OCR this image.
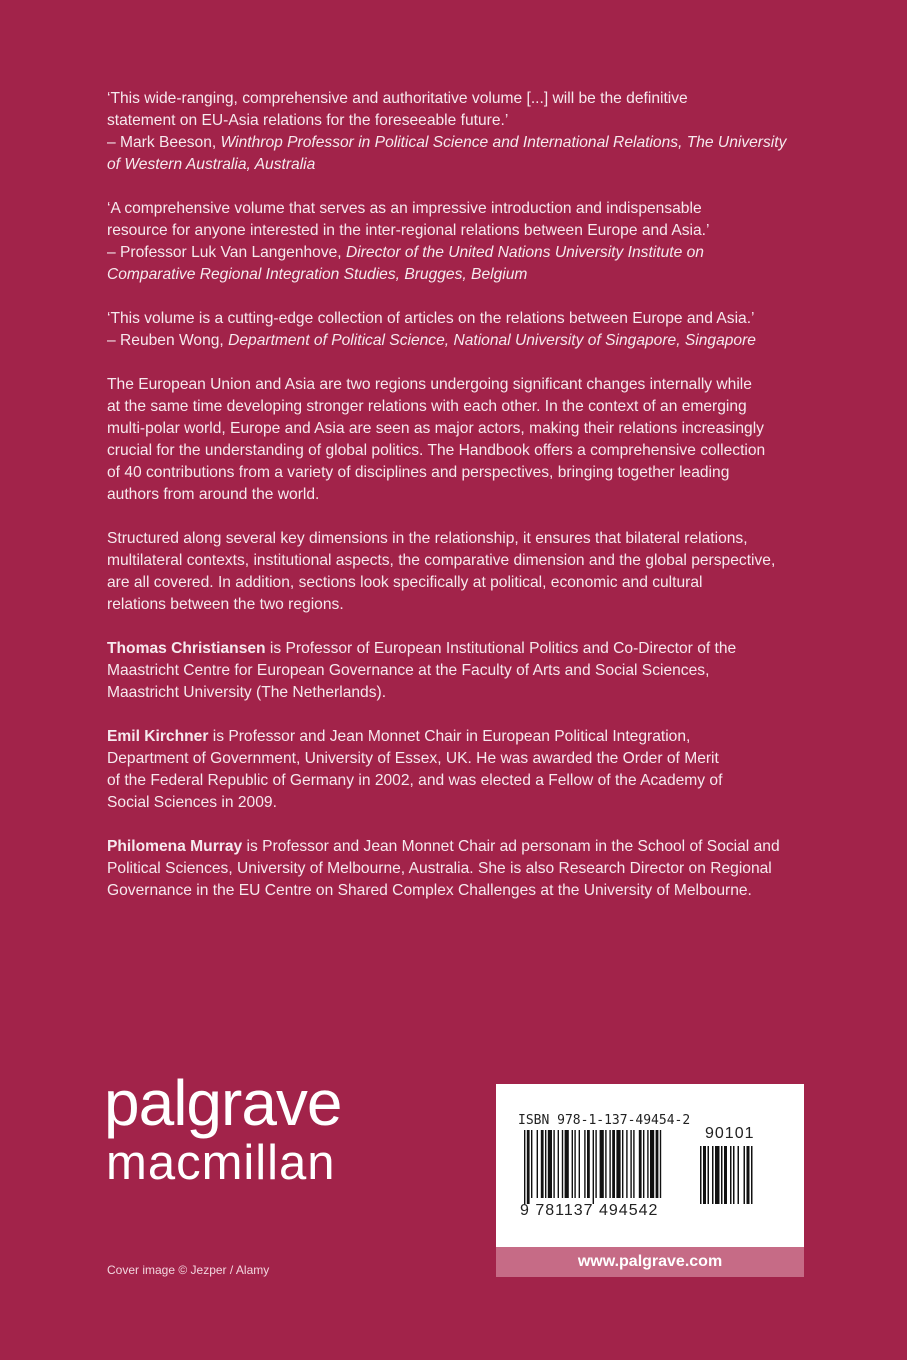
‘This wide-ranging, comprehensive and authoritative volume [...] will be the definitive
statement on EU-Asia relations for the foreseeable future.’
– Mark Beeson, Winthrop Professor in Political Science and International Relations, The University
of Western Australia, Australia
‘A comprehensive volume that serves as an impressive introduction and indispensable
resource for anyone interested in the inter-regional relations between Europe and Asia.’
– Professor Luk Van Langenhove, Director of the United Nations University Institute on
Comparative Regional Integration Studies, Brugges, Belgium
‘This volume is a cutting-edge collection of articles on the relations between Europe and Asia.’
– Reuben Wong, Department of Political Science, National University of Singapore, Singapore
The European Union and Asia are two regions undergoing significant changes internally while
at the same time developing stronger relations with each other. In the context of an emerging
multi-polar world, Europe and Asia are seen as major actors, making their relations increasingly
crucial for the understanding of global politics. The Handbook offers a comprehensive collection
of 40 contributions from a variety of disciplines and perspectives, bringing together leading
authors from around the world.
Structured along several key dimensions in the relationship, it ensures that bilateral relations,
multilateral contexts, institutional aspects, the comparative dimension and the global perspective,
are all covered. In addition, sections look specifically at political, economic and cultural
relations between the two regions.
Thomas Christiansen is Professor of European Institutional Politics and Co-Director of the
Maastricht Centre for European Governance at the Faculty of Arts and Social Sciences,
Maastricht University (The Netherlands).
Emil Kirchner is Professor and Jean Monnet Chair in European Political Integration,
Department of Government, University of Essex, UK. He was awarded the Order of Merit
of the Federal Republic of Germany in 2002, and was elected a Fellow of the Academy of
Social Sciences in 2009.
Philomena Murray is Professor and Jean Monnet Chair ad personam in the School of Social and
Political Sciences, University of Melbourne, Australia. She is also Research Director on Regional
Governance in the EU Centre on Shared Complex Challenges at the University of Melbourne.
palgrave
macmillan
Cover image © Jezper / Alamy
ISBN 978-1-137-49454-2
90101
9 781137 494542
www.palgrave.com
